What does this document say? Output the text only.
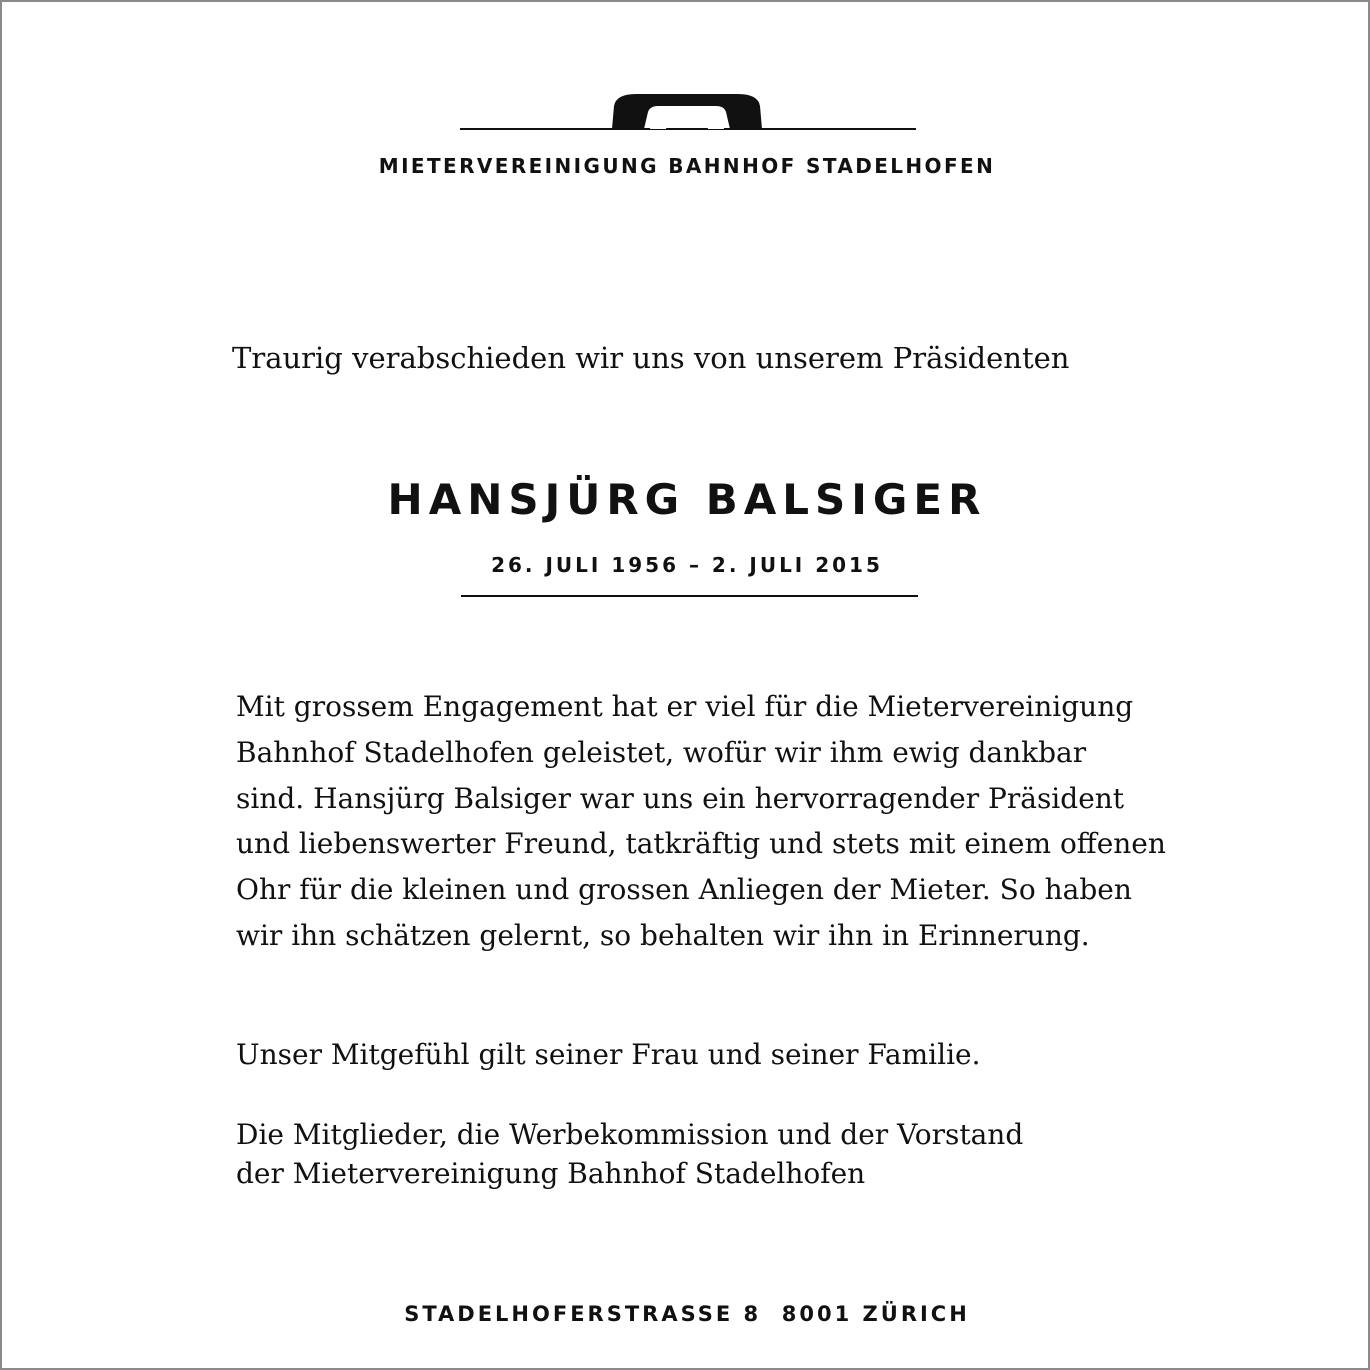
MIETERVEREINIGUNG BAHNHOF STADELHOFEN
Traurig verabschieden wir uns von unserem Präsidenten
HANSJÜRG BALSIGER
26. JULI 1956 – 2. JULI 2015
Mit grossem Engagement hat er viel für die Mietervereinigung
Bahnhof Stadelhofen geleistet, wofür wir ihm ewig dankbar
sind. Hansjürg Balsiger war uns ein hervorragender Präsident
und liebenswerter Freund, tatkräftig und stets mit einem offenen
Ohr für die kleinen und grossen Anliegen der Mieter. So haben
wir ihn schätzen gelernt, so behalten wir ihn in Erinnerung.
Unser Mitgefühl gilt seiner Frau und seiner Familie.
Die Mitglieder, die Werbekommission und der Vorstand
der Mietervereinigung Bahnhof Stadelhofen
STADELHOFERSTRASSE 8  8001 ZÜRICH
